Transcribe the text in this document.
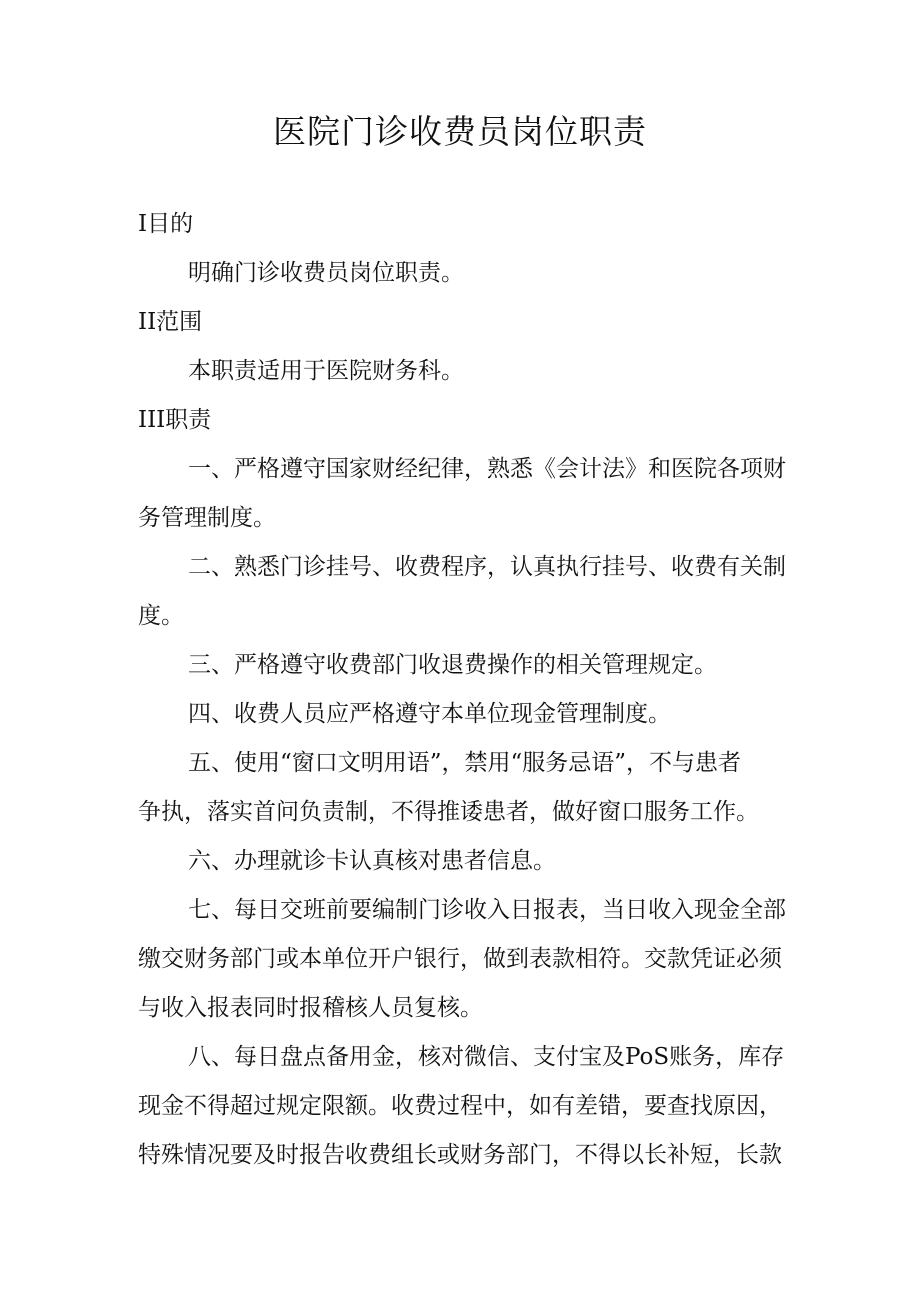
医院门诊收费员岗位职责

I目的

明确门诊收费员岗位职责。

II范围

本职责适用于医院财务科。

III职责

一、严格遵守国家财经纪律，熟悉《会计法》和医院各项财

务管理制度。

二、熟悉门诊挂号、收费程序，认真执行挂号、收费有关制

度。

三、严格遵守收费部门收退费操作的相关管理规定。

四、收费人员应严格遵守本单位现金管理制度。

五、使用“窗口文明用语”，禁用“服务忌语”，不与患者

争执，落实首问负责制，不得推诿患者，做好窗口服务工作。

六、办理就诊卡认真核对患者信息。

七、每日交班前要编制门诊收入日报表，当日收入现金全部

缴交财务部门或本单位开户银行，做到表款相符。交款凭证必须

与收入报表同时报稽核人员复核。

八、每日盘点备用金，核对微信、支付宝及PoS账务，库存

现金不得超过规定限额。收费过程中，如有差错，要查找原因，

特殊情况要及时报告收费组长或财务部门，不得以长补短，长款
